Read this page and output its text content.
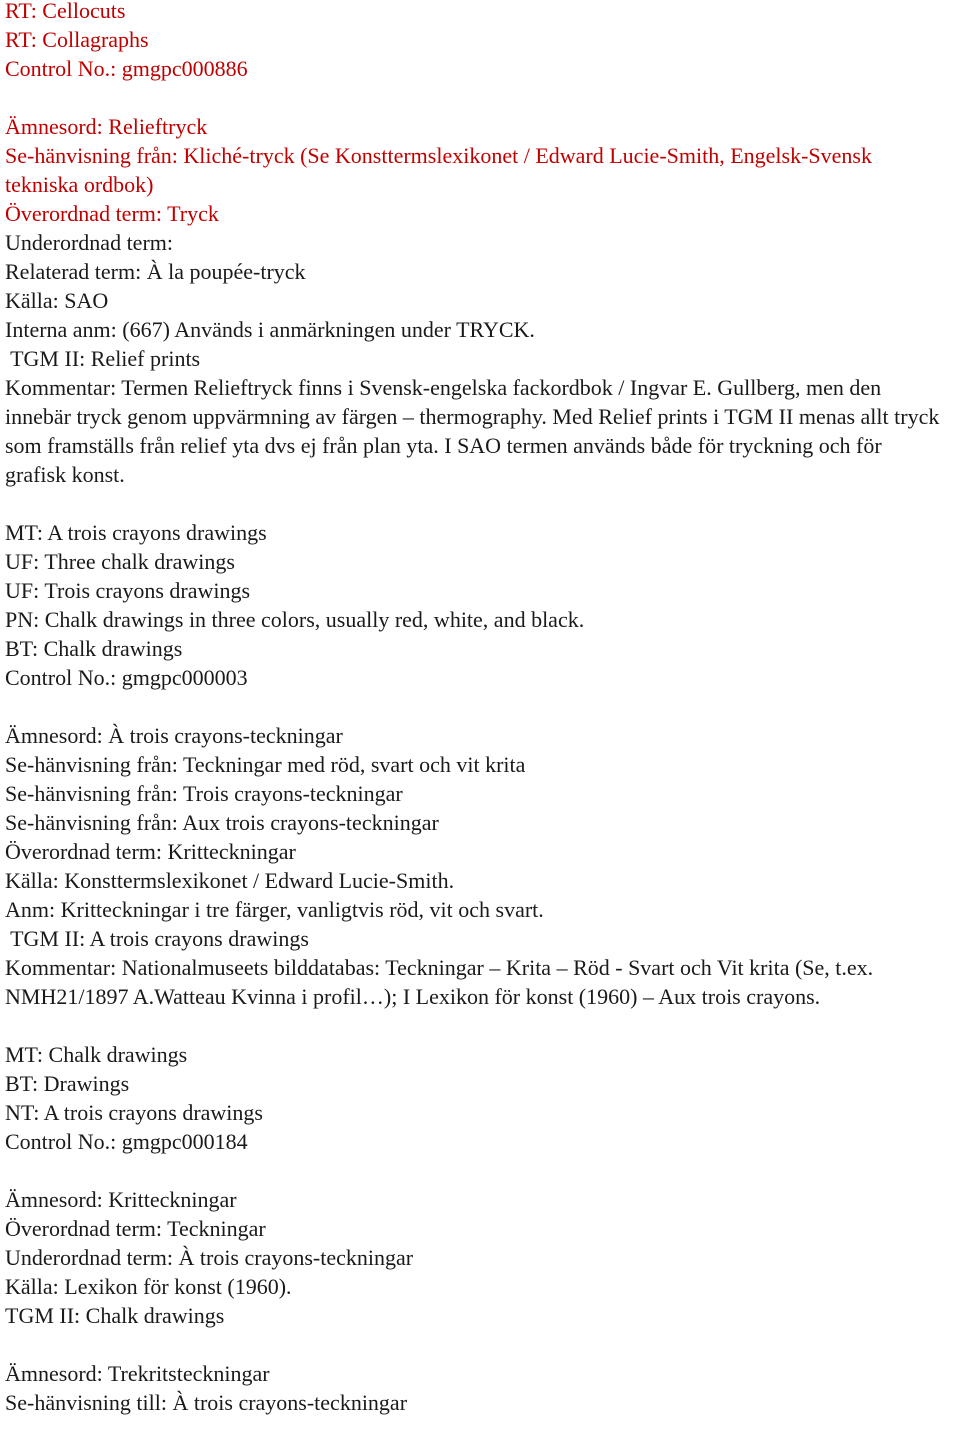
RT: Cellocuts
RT: Collagraphs
Control No.: gmgpc000886
Ämnesord: Relieftryck
Se-hänvisning från: Kliché-tryck (Se Konsttermslexikonet / Edward Lucie-Smith, Engelsk-Svensk tekniska ordbok)
Överordnad term: Tryck
Underordnad term:
Relaterad term: À la poupée-tryck
Källa: SAO
Interna anm: (667) Används i anmärkningen under TRYCK.
TGM II: Relief prints
Kommentar: Termen Relieftryck finns i Svensk-engelska fackordbok / Ingvar E. Gullberg, men den innebär tryck genom uppvärmning av färgen – thermography. Med Relief prints i TGM II menas allt tryck som framställs från relief yta dvs ej från plan yta. I SAO termen används både för tryckning och för grafisk konst.
MT: A trois crayons drawings
UF: Three chalk drawings
UF: Trois crayons drawings
PN: Chalk drawings in three colors, usually red, white, and black.
BT: Chalk drawings
Control No.: gmgpc000003
Ämnesord: À trois crayons-teckningar
Se-hänvisning från: Teckningar med röd, svart och vit krita
Se-hänvisning från: Trois crayons-teckningar
Se-hänvisning från: Aux trois crayons-teckningar
Överordnad term: Kritteckningar
Källa: Konsttermslexikonet / Edward Lucie-Smith.
Anm: Kritteckningar i tre färger, vanligtvis röd, vit och svart.
TGM II: A trois crayons drawings
Kommentar: Nationalmuseets bilddatabas: Teckningar – Krita – Röd - Svart och Vit krita (Se, t.ex. NMH21/1897 A.Watteau Kvinna i profil…); I Lexikon för konst (1960) – Aux trois crayons.
MT: Chalk drawings
BT: Drawings
NT: A trois crayons drawings
Control No.: gmgpc000184
Ämnesord: Kritteckningar
Överordnad term: Teckningar
Underordnad term: À trois crayons-teckningar
Källa: Lexikon för konst (1960).
TGM II: Chalk drawings
Ämnesord: Trekritsteckningar
Se-hänvisning till: À trois crayons-teckningar
